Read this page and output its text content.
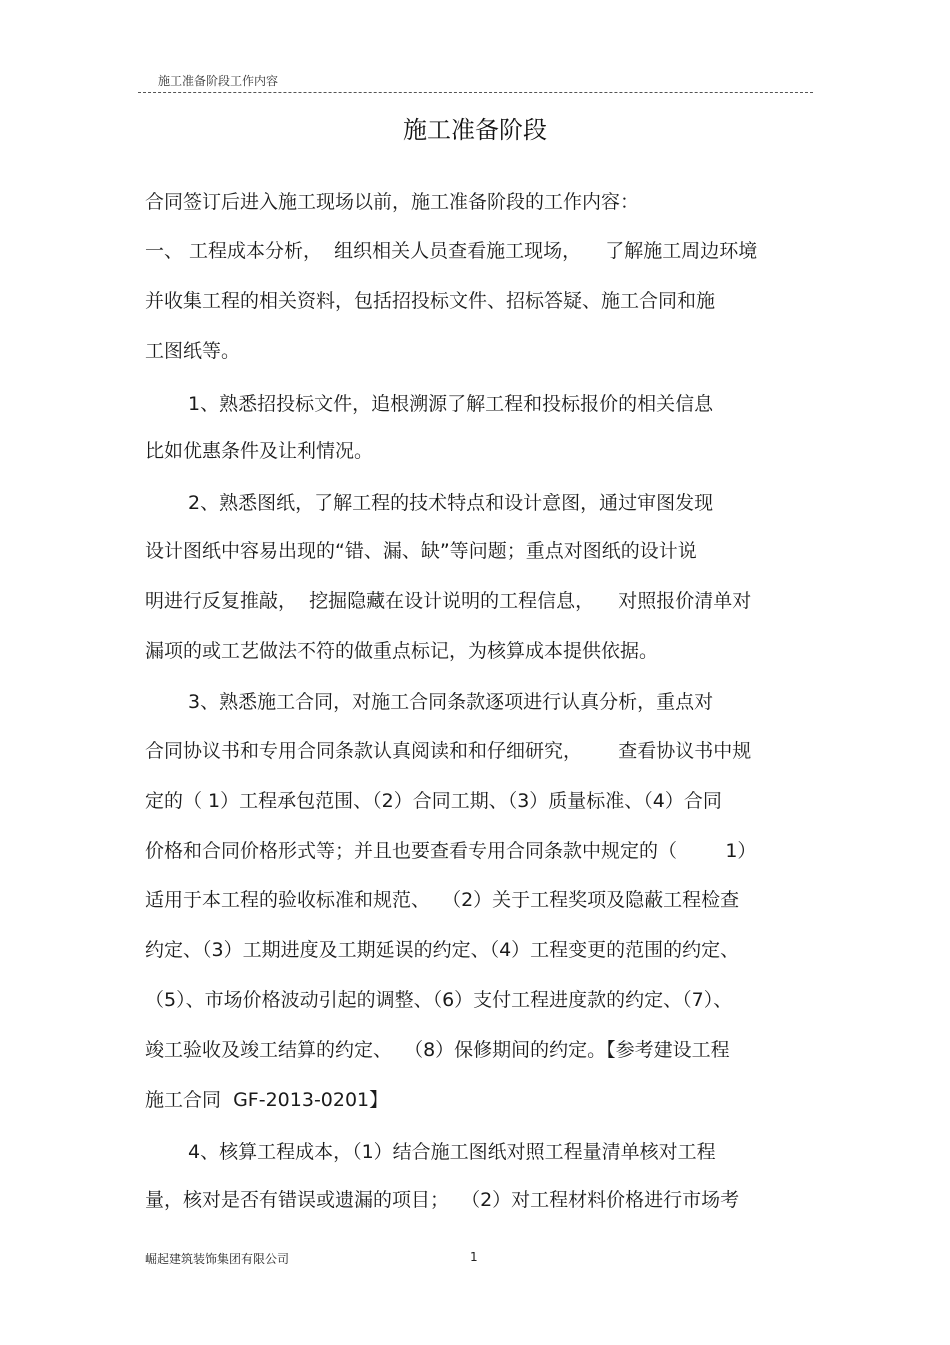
施工准备阶段工作内容
施工准备阶段
合同签订后进入施工现场以前，施工准备阶段的工作内容：
一、 工程成本分析，  组织相关人员查看施工现场，    了解施工周边环境
并收集工程的相关资料，包括招投标文件、招标答疑、施工合同和施
工图纸等。
1、熟悉招投标文件，追根溯源了解工程和投标报价的相关信息
比如优惠条件及让利情况。
2、熟悉图纸，了解工程的技术特点和设计意图，通过审图发现
设计图纸中容易出现的“错、漏、缺”等问题；重点对图纸的设计说
明进行反复推敲，  挖掘隐藏在设计说明的工程信息，    对照报价清单对
漏项的或工艺做法不符的做重点标记，为核算成本提供依据。
3、熟悉施工合同，对施工合同条款逐项进行认真分析，重点对
合同协议书和专用合同条款认真阅读和和仔细研究，      查看协议书中规
定的（ 1）工程承包范围、（2）合同工期、（3）质量标准、（4）合同
价格和合同价格形式等；并且也要查看专用合同条款中规定的（        1）
适用于本工程的验收标准和规范、  （2）关于工程奖项及隐蔽工程检查
约定、（3）工期进度及工期延误的约定、（4）工程变更的范围的约定、
（5）、市场价格波动引起的调整、（6）支付工程进度款的约定、（7）、
竣工验收及竣工结算的约定、  （8）保修期间的约定。【参考建设工程
施工合同  GF-2013-0201】
4、核算工程成本，（1）结合施工图纸对照工程量清单核对工程
量，核对是否有错误或遗漏的项目；  （2）对工程材料价格进行市场考
崛起建筑装饰集团有限公司	1
